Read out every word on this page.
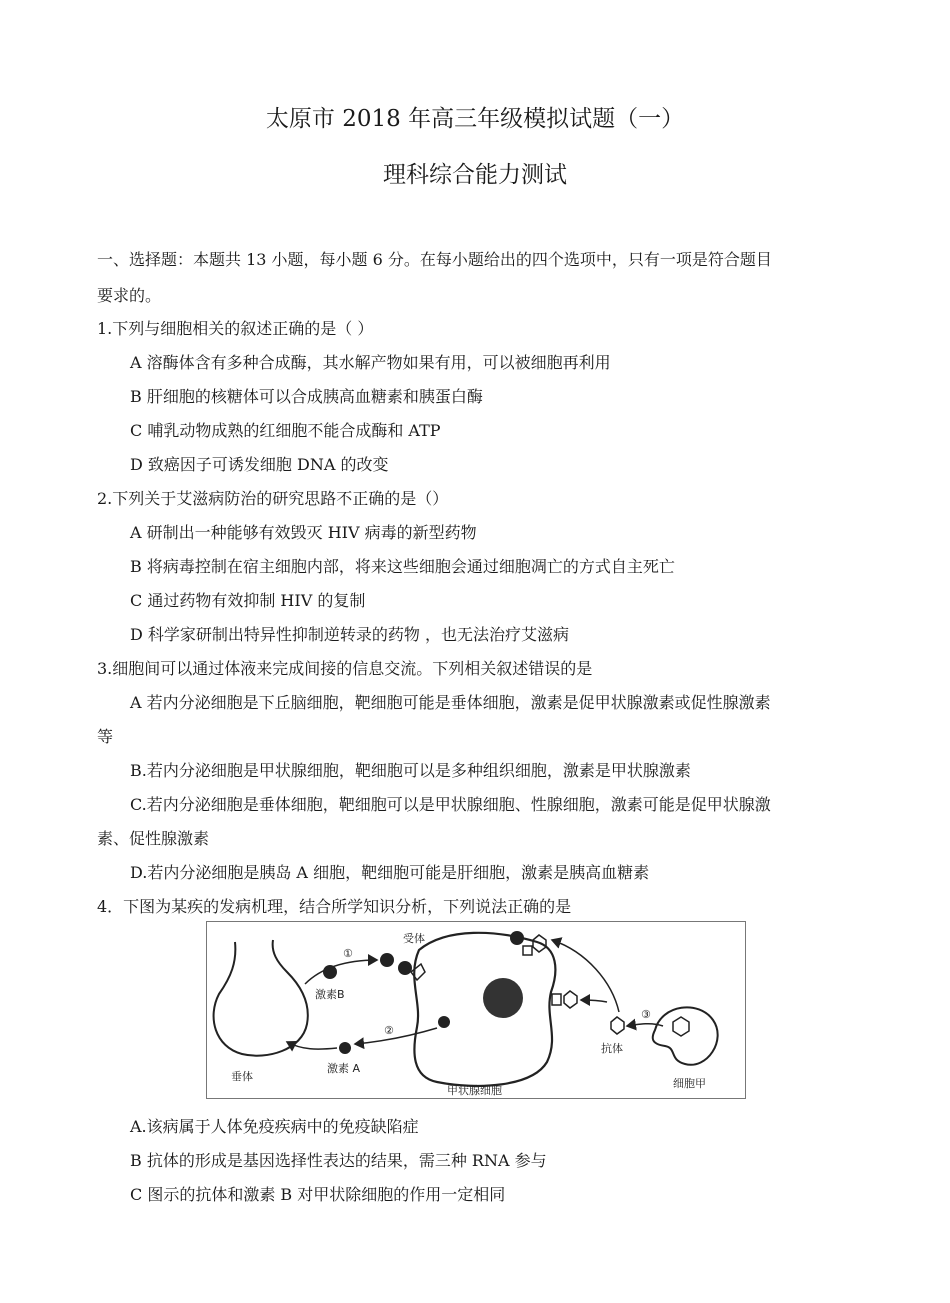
太原市 2018 年高三年级模拟试题（一）
理科综合能力测试
一、选择题：本题共 13 小题，每小题 6 分。在每小题给出的四个选项中，只有一项是符合题目
要求的。
1.下列与细胞相关的叙述正确的是（ ）
A 溶酶体含有多种合成酶，其水解产物如果有用，可以被细胞再利用
B 肝细胞的核糖体可以合成胰高血糖素和胰蛋白酶
C 哺乳动物成熟的红细胞不能合成酶和 ATP
D 致癌因子可诱发细胞 DNA 的改变
2.下列关于艾滋病防治的研究思路不正确的是（）
A 研制出一种能够有效毁灭 HIV 病毒的新型药物
B 将病毒控制在宿主细胞内部，将来这些细胞会通过细胞凋亡的方式自主死亡
C 通过药物有效抑制 HIV 的复制
D 科学家研制出特异性抑制逆转录的药物 ，也无法治疗艾滋病
3.细胞间可以通过体液来完成间接的信息交流。下列相关叙述错误的是
A 若内分泌细胞是下丘脑细胞，靶细胞可能是垂体细胞，激素是促甲状腺激素或促性腺激素
等
B.若内分泌细胞是甲状腺细胞，靶细胞可以是多种组织细胞，激素是甲状腺激素
C.若内分泌细胞是垂体细胞，靶细胞可以是甲状腺细胞、性腺细胞，激素可能是促甲状腺激
素、促性腺激素
D.若内分泌细胞是胰岛 A 细胞，靶细胞可能是肝细胞，激素是胰高血糖素
4．下图为某疾的发病机理，结合所学知识分析，下列说法正确的是
①
受体
激素B
垂体
②
激素 A
甲状腺细胞
③
抗体
细胞甲
A.该病属于人体免疫疾病中的免疫缺陷症
B 抗体的形成是基因选择性表达的结果，需三种 RNA 参与
C 图示的抗体和激素 B 对甲状除细胞的作用一定相同
